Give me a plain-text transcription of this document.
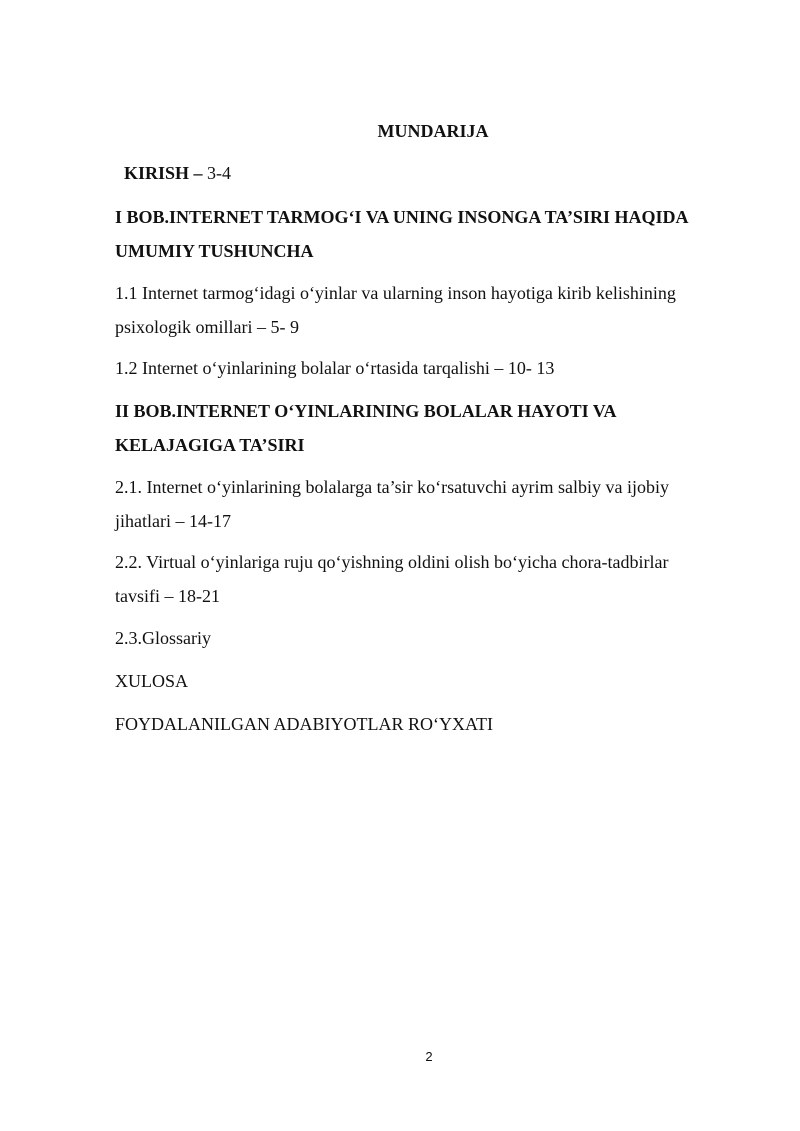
MUNDARIJA
KIRISH – 3-4
I BOB.INTERNET TARMOG‘I VA UNING INSONGA TA’SIRI HAQIDA
UMUMIY TUSHUNCHA
1.1 Internet tarmog‘idagi o‘yinlar va ularning inson hayotiga kirib kelishining
psixologik omillari – 5- 9
1.2 Internet o‘yinlarining bolalar o‘rtasida tarqalishi – 10- 13
II BOB.INTERNET O‘YINLARINING BOLALAR HAYOTI VA
KELAJAGIGA TA’SIRI
2.1. Internet o‘yinlarining bolalarga ta’sir ko‘rsatuvchi ayrim salbiy va ijobiy
jihatlari – 14-17
2.2. Virtual o‘yinlariga ruju qo‘yishning oldini olish bo‘yicha chora-tadbirlar
tavsifi – 18-21
2.3.Glossariy
XULOSA
FOYDALANILGAN ADABIYOTLAR RO‘YXATI
2
